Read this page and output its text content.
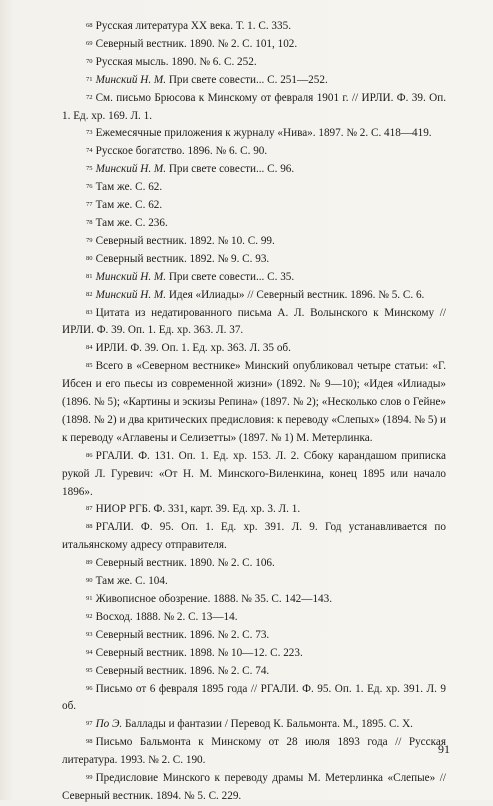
$^{68}$ Русская литература XX века. Т. 1. С. 335.

$^{69}$ Северный вестник. 1890. № 2. С. 101, 102.

$^{70}$ Русская мысль. 1890. № 6. С. 252.

$^{71}$ Минский Н. М. При свете совести... С. 251—252.

$^{72}$ См. письмо Брюсова к Минскому от февраля 1901 г. // ИРЛИ. Ф. 39. Оп. 1. Ед. хр. 169. Л. 1.

$^{73}$ Ежемесячные приложения к журналу «Нива». 1897. № 2. С. 418—419.

$^{74}$ Русское богатство. 1896. № 6. С. 90.

$^{75}$ Минский Н. М. При свете совести... С. 96.

$^{76}$ Там же. С. 62.

$^{77}$ Там же. С. 62.

$^{78}$ Там же. С. 236.

$^{79}$ Северный вестник. 1892. № 10. С. 99.

$^{80}$ Северный вестник. 1892. № 9. С. 93.

$^{81}$ Минский Н. М. При свете совести... С. 35.

$^{82}$ Минский Н. М. Идея «Илиады» // Северный вестник. 1896. № 5. С. 6.

$^{83}$ Цитата из недатированного письма А. Л. Волынского к Минскому // ИРЛИ. Ф. 39. Оп. 1. Ед. хр. 363. Л. 37.

$^{84}$ ИРЛИ. Ф. 39. Оп. 1. Ед. хр. 363. Л. 35 об.

$^{85}$ Всего в «Северном вестнике» Минский опубликовал четыре статьи: «Г. Ибсен и его пьесы из современной жизни» (1892. № 9—10); «Идея «Илиады» (1896. № 5); «Картины и эскизы Репина» (1897. № 2); «Несколько слов о Гейне» (1898. № 2) и два критических предисловия: к переводу «Слепых» (1894. № 5) и к переводу «Аглавены и Селизетты» (1897. № 1) М. Метерлинка.

$^{86}$ РГАЛИ. Ф. 131. Оп. 1. Ед. хр. 153. Л. 2. Сбоку карандашом приписка рукой Л. Гуревич: «От Н. М. Минского-Виленкина, конец 1895 или начало 1896».

$^{87}$ НИОР РГБ. Ф. 331, карт. 39. Ед. хр. 3. Л. 1.

$^{88}$ РГАЛИ. Ф. 95. Оп. 1. Ед. хр. 391. Л. 9. Год устанавливается по итальянскому адресу отправителя.

$^{89}$ Северный вестник. 1890. № 2. С. 106.

$^{90}$ Там же. С. 104.

$^{91}$ Живописное обозрение. 1888. № 35. С. 142—143.

$^{92}$ Восход. 1888. № 2. С. 13—14.

$^{93}$ Северный вестник. 1896. № 2. С. 73.

$^{94}$ Северный вестник. 1898. № 10—12. С. 223.

$^{95}$ Северный вестник. 1896. № 2. С. 74.

$^{96}$ Письмо от 6 февраля 1895 года // РГАЛИ. Ф. 95. Оп. 1. Ед. хр. 391. Л. 9 об.

$^{97}$ По Э. Баллады и фантазии / Перевод К. Бальмонта. М., 1895. С. Х.

$^{98}$ Письмо Бальмонта к Минскому от 28 июля 1893 года // Русская литература. 1993. № 2. С. 190.

$^{99}$ Предисловие Минского к переводу драмы М. Метерлинка «Слепые» // Северный вестник. 1894. № 5. С. 229.

91
